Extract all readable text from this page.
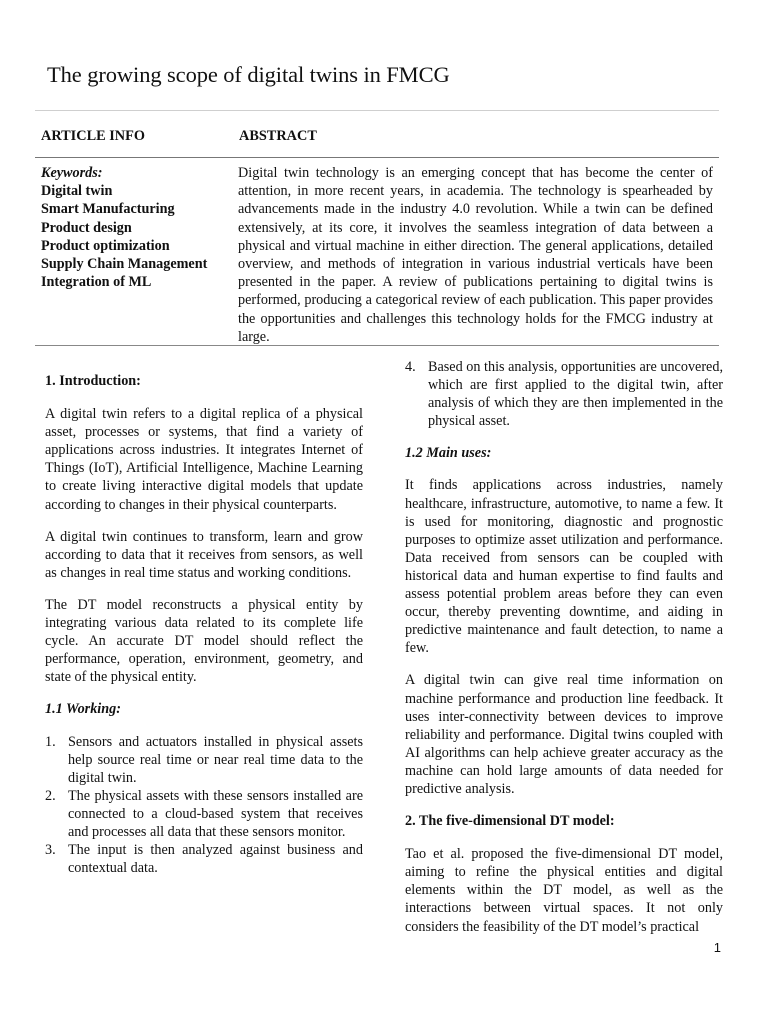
The growing scope of digital twins in FMCG
ARTICLE INFO	ABSTRACT
Keywords:
Digital twin
Smart Manufacturing
Product design
Product optimization
Supply Chain Management
Integration of ML

Digital twin technology is an emerging concept that has become the center of attention, in more recent years, in academia. The technology is spearheaded by advancements made in the industry 4.0 revolution. While a twin can be defined extensively, at its core, it involves the seamless integration of data between a physical and virtual machine in either direction. The general applications, detailed overview, and methods of integration in various industrial verticals have been presented in the paper. A review of publications pertaining to digital twins is performed, producing a categorical review of each publication. This paper provides the opportunities and challenges this technology holds for the FMCG industry at large.

1. Introduction:

A digital twin refers to a digital replica of a physical asset, processes or systems, that find a variety of applications across industries. It integrates Internet of Things (IoT), Artificial Intelligence, Machine Learning to create living interactive digital models that update according to changes in their physical counterparts.

A digital twin continues to transform, learn and grow according to data that it receives from sensors, as well as changes in real time status and working conditions.

The DT model reconstructs a physical entity by integrating various data related to its complete life cycle. An accurate DT model should reflect the performance, operation, environment, geometry, and state of the physical entity.

1.1 Working:
1. Sensors and actuators installed in physical assets help source real time or near real time data to the digital twin.
2. The physical assets with these sensors installed are connected to a cloud-based system that receives and processes all data that these sensors monitor.
3. The input is then analyzed against business and contextual data.
4. Based on this analysis, opportunities are uncovered, which are first applied to the digital twin, after analysis of which they are then implemented in the physical asset.
1.2 Main uses:

It finds applications across industries, namely healthcare, infrastructure, automotive, to name a few. It is used for monitoring, diagnostic and prognostic purposes to optimize asset utilization and performance. Data received from sensors can be coupled with historical data and human expertise to find faults and assess potential problem areas before they can even occur, thereby preventing downtime, and aiding in predictive maintenance and fault detection, to name a few.

A digital twin can give real time information on machine performance and production line feedback. It uses inter-connectivity between devices to improve reliability and performance. Digital twins coupled with AI algorithms can help achieve greater accuracy as the machine can hold large amounts of data needed for predictive analysis.

2. The five-dimensional DT model:

Tao et al. proposed the five-dimensional DT model, aiming to refine the physical entities and digital elements within the DT model, as well as the interactions between virtual spaces. It not only considers the feasibility of the DT model’s practical

1
